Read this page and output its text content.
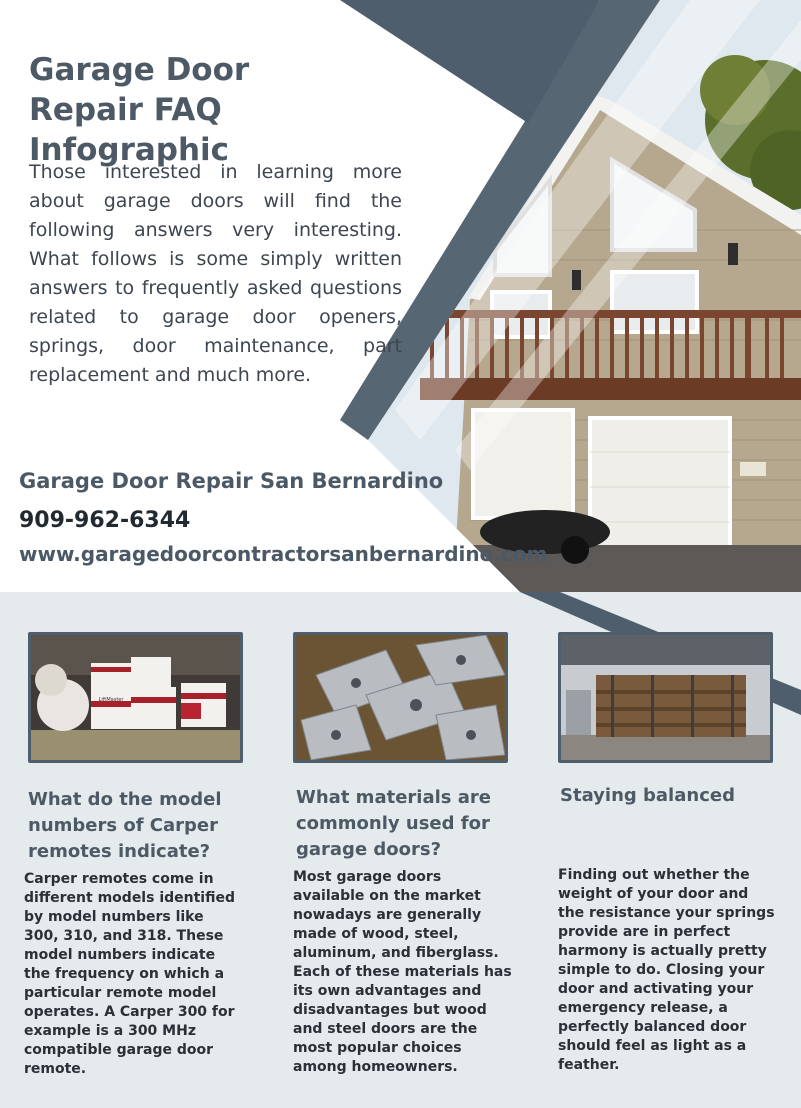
Garage Door
Repair FAQ Infographic

Those interested in learning more about garage doors will find the following answers very interesting. What follows is some simply written answers to frequently asked questions related to garage door openers, springs, door maintenance, part replacement and much more.

Garage Door Repair San Bernardino
909-962-6344
www.garagedoorcontractorsanbernardino.com
LiftMaster
What do the model numbers of Carper remotes indicate?
What materials are commonly used for garage doors?
Staying balanced
Carper remotes come in different models identified by model numbers like 300, 310, and 318. These model numbers indicate the frequency on which a particular remote model operates. A Carper 300 for example is a 300 MHz compatible garage door remote.
Most garage doors available on the market nowadays are generally made of wood, steel, aluminum, and fiberglass. Each of these materials has its own advantages and disadvantages but wood and steel doors are the most popular choices among homeowners.
Finding out whether the weight of your door and the resistance your springs provide are in perfect harmony is actually pretty simple to do. Closing your door and activating your emergency release, a perfectly balanced door should feel as light as a feather.
